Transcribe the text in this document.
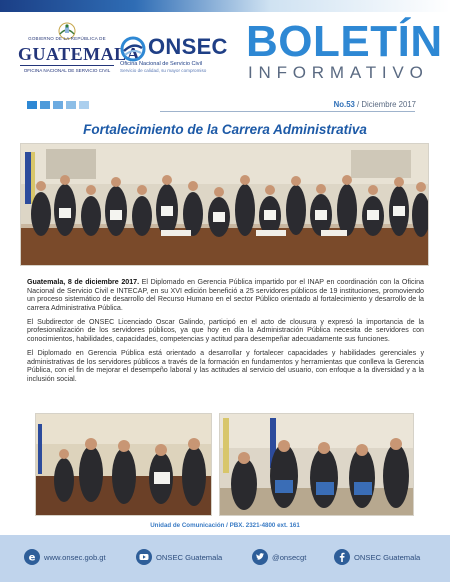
GOBIERNO DE LA REPÚBLICA DE
GUATEMALA
OFICINA NACIONAL DE SERVICIO CIVIL
ONSEC
Oficina Nacional de Servicio Civil
Servicio de calidad, su mayor compromiso
BOLETÍN
INFORMATIVO
No.53 / Diciembre 2017
Fortalecimiento de la Carrera Administrativa

Guatemala, 8 de diciembre 2017. El Diplomado en Gerencia Pública impartido por el INAP en coordinación con la Oficina Nacional de Servicio Civil e INTECAP, en su XVI edición benefició a 25 servidores públicos de 19 instituciones, promoviendo un proceso sistemático de desarrollo del Recurso Humano en el sector Público orientado al fortalecimiento y desarrollo de la carrera Administrativa Pública.

El Subdirector de ONSEC Licenciado Oscar Galindo, participó en el acto de clousura y expresó la importancia de la profesionalización de los servidores públicos, ya que hoy en día la Administración Pública necesita de servidores con conocimientos, habilidades, capacidades, competencias y actitud para desempeñar adecuadamente sus funciones.

El Diplomado en Gerencia Pública está orientado a desarrollar y fortalecer capacidades y habilidades gerenciales y administrativas de los servidores públicos a través de la formación en fundamentos y herramientas que conlleva la Gerencia Pública, con el fin de mejorar el desempeño laboral y las actitudes al servicio del usuario, con enfoque a la diversidad y a la inclusión social.

Unidad de Comunicación / PBX. 2321-4800 ext. 161
e www.onsec.gob.gt	ONSEC Guatemala	@onsecgt	ONSEC Guatemala
